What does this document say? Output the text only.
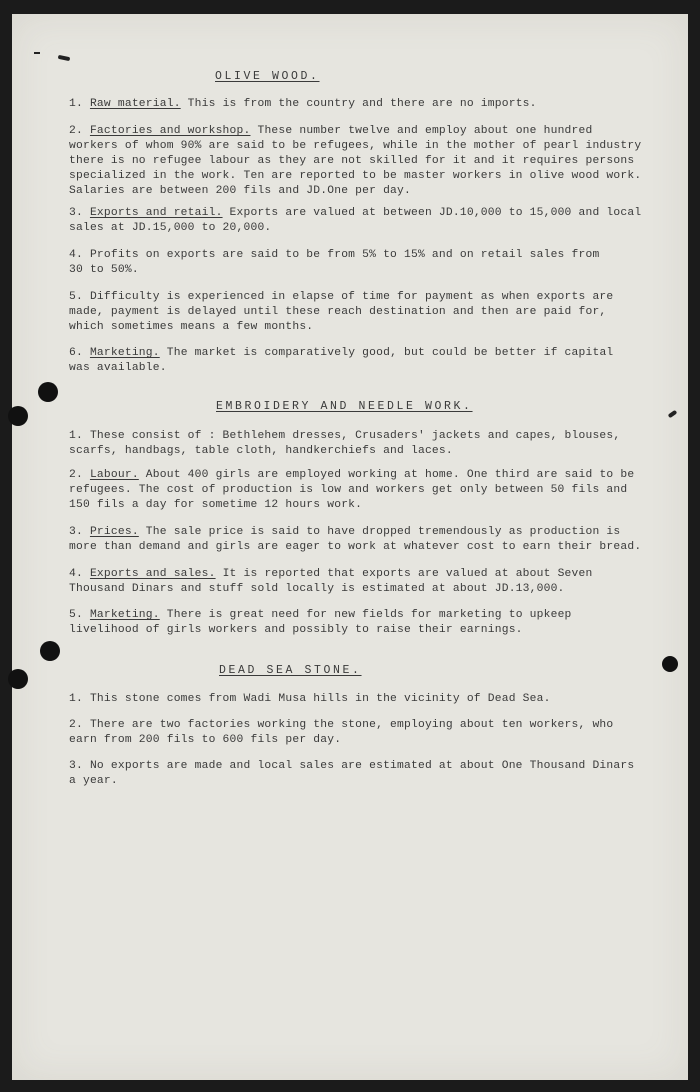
OLIVE WOOD.
1. Raw material. This is from the country and there are no imports.
2. Factories and workshop. These number twelve and employ about one hundred
workers of whom 90% are said to be refugees, while in the mother of pearl industry
there is no refugee labour as they are not skilled for it and it requires persons
specialized in the work. Ten are reported to be master workers in olive wood work.
Salaries are between 200 fils and JD.One per day.
3. Exports and retail. Exports are valued at between JD.10,000 to 15,000 and local
sales at JD.15,000 to 20,000.
4. Profits on exports are said to be from 5% to 15% and on retail sales from
30 to 50%.
5. Difficulty is experienced in elapse of time for payment as when exports are
made, payment is delayed until these reach destination and then are paid for,
which sometimes means a few months.
6. Marketing. The market is comparatively good, but could be better if capital
was available.
EMBROIDERY AND NEEDLE WORK.
1. These consist of : Bethlehem dresses, Crusaders' jackets and capes, blouses,
scarfs, handbags, table cloth, handkerchiefs and laces.
2. Labour. About 400 girls are employed working at home. One third are said to be
refugees. The cost of production is low and workers get only between 50 fils and
150 fils a day for sometime 12 hours work.
3. Prices. The sale price is said to have dropped tremendously as production is
more than demand and girls are eager to work at whatever cost to earn their bread.
4. Exports and sales. It is reported that exports are valued at about Seven
Thousand Dinars and stuff sold locally is estimated at about JD.13,000.
5. Marketing. There is great need for new fields for marketing to upkeep
livelihood of girls workers and possibly to raise their earnings.
DEAD SEA STONE.
1. This stone comes from Wadi Musa hills in the vicinity of Dead Sea.
2. There are two factories working the stone, employing about ten workers, who
earn from 200 fils to 600 fils per day.
3. No exports are made and local sales are estimated at about One Thousand Dinars
a year.
